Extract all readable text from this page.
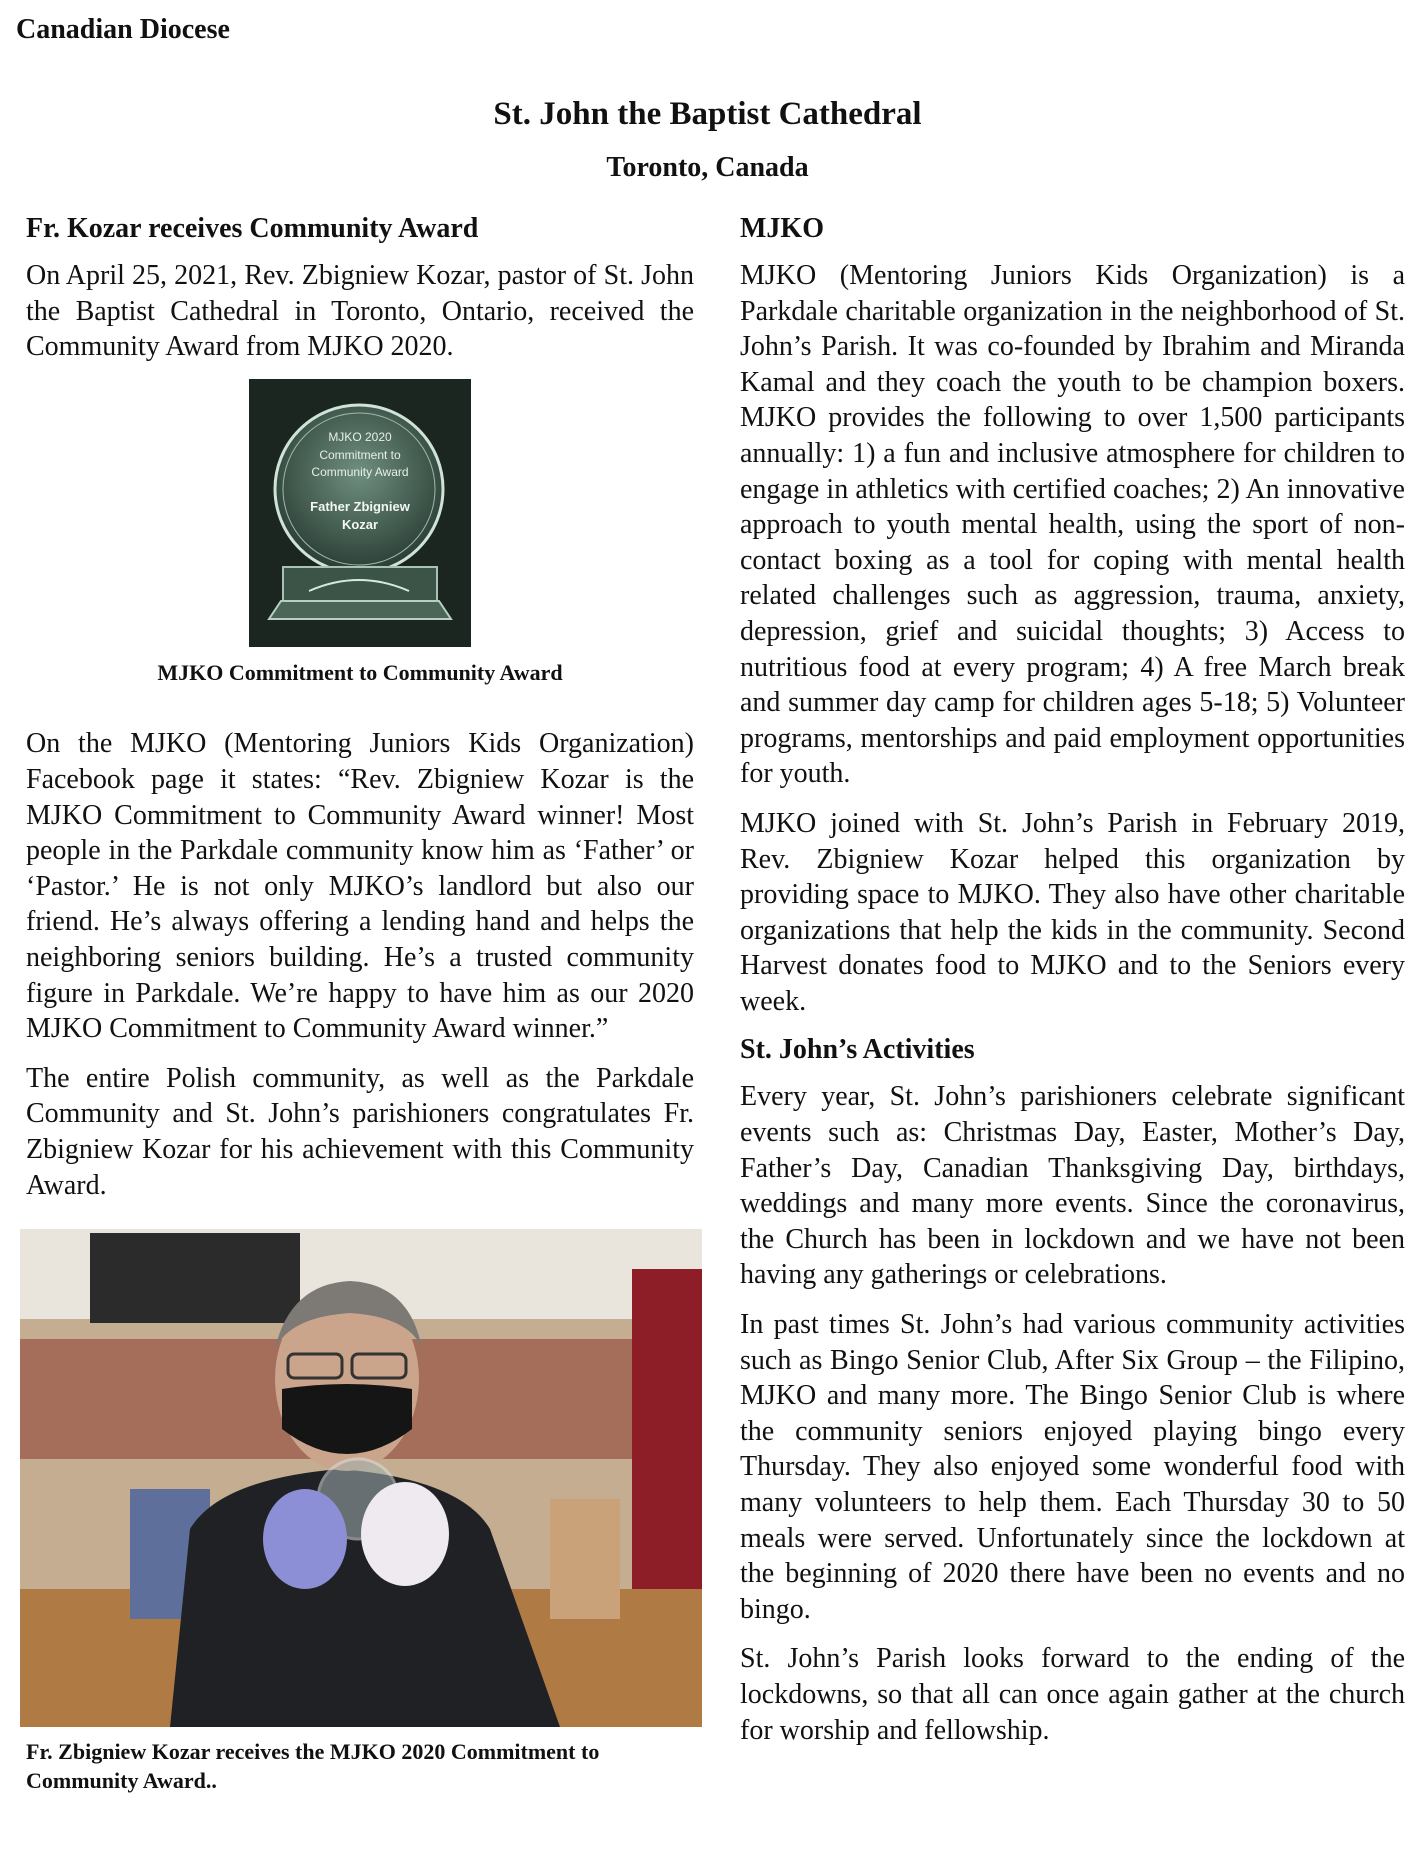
Canadian Diocese
St. John the Baptist Cathedral
Toronto, Canada
Fr. Kozar receives Community Award

On April 25, 2021, Rev. Zbigniew Kozar, pastor of St. John the Baptist Cathedral in Toronto, Ontario, received the Community Award from MJKO 2020.

MJKO 2020
Commitment to
Community Award
Father Zbigniew
Kozar
MJKO Commitment to Community Award

On the MJKO (Mentoring Juniors Kids Organization) Facebook page it states: “Rev. Zbigniew Kozar is the MJKO Commitment to Community Award winner! Most people in the Parkdale community know him as ‘Father’ or ‘Pastor.’ He is not only MJKO’s landlord but also our friend. He’s always offering a lending hand and helps the neighboring seniors building. He’s a trusted community figure in Parkdale. We’re happy to have him as our 2020 MJKO Commitment to Community Award winner.”

The entire Polish community, as well as the Parkdale Community and St. John’s parishioners congratulates Fr. Zbigniew Kozar for his achievement with this Community Award.

Fr. Zbigniew Kozar receives the MJKO 2020 Commitment to Community Award..
MJKO

MJKO (Mentoring Juniors Kids Organization) is a Parkdale charitable organization in the neighborhood of St. John’s Parish. It was co-founded by Ibrahim and Miranda Kamal and they coach the youth to be champion boxers. MJKO provides the following to over 1,500 participants annually: 1) a fun and inclusive atmosphere for children to engage in athletics with certified coaches; 2) An innovative approach to youth mental health, using the sport of non-contact boxing as a tool for coping with mental health related challenges such as aggression, trauma, anxiety, depression, grief and suicidal thoughts; 3) Access to nutritious food at every program; 4) A free March break and summer day camp for children ages 5-18; 5) Volunteer programs, mentorships and paid employment opportunities for youth.

MJKO joined with St. John’s Parish in February 2019, Rev. Zbigniew Kozar helped this organization by providing space to MJKO. They also have other charitable organizations that help the kids in the community. Second Harvest donates food to MJKO and to the Seniors every week.

St. John’s Activities

Every year, St. John’s parishioners celebrate significant events such as: Christmas Day, Easter, Mother’s Day, Father’s Day, Canadian Thanksgiving Day, birthdays, weddings and many more events. Since the coronavirus, the Church has been in lockdown and we have not been having any gatherings or celebrations.

In past times St. John’s had various community activities such as Bingo Senior Club, After Six Group – the Filipino, MJKO and many more. The Bingo Senior Club is where the community seniors enjoyed playing bingo every Thursday. They also enjoyed some wonderful food with many volunteers to help them. Each Thursday 30 to 50 meals were served. Unfortunately since the lockdown at the beginning of 2020 there have been no events and no bingo.

St. John’s Parish looks forward to the ending of the lockdowns, so that all can once again gather at the church for worship and fellowship.
